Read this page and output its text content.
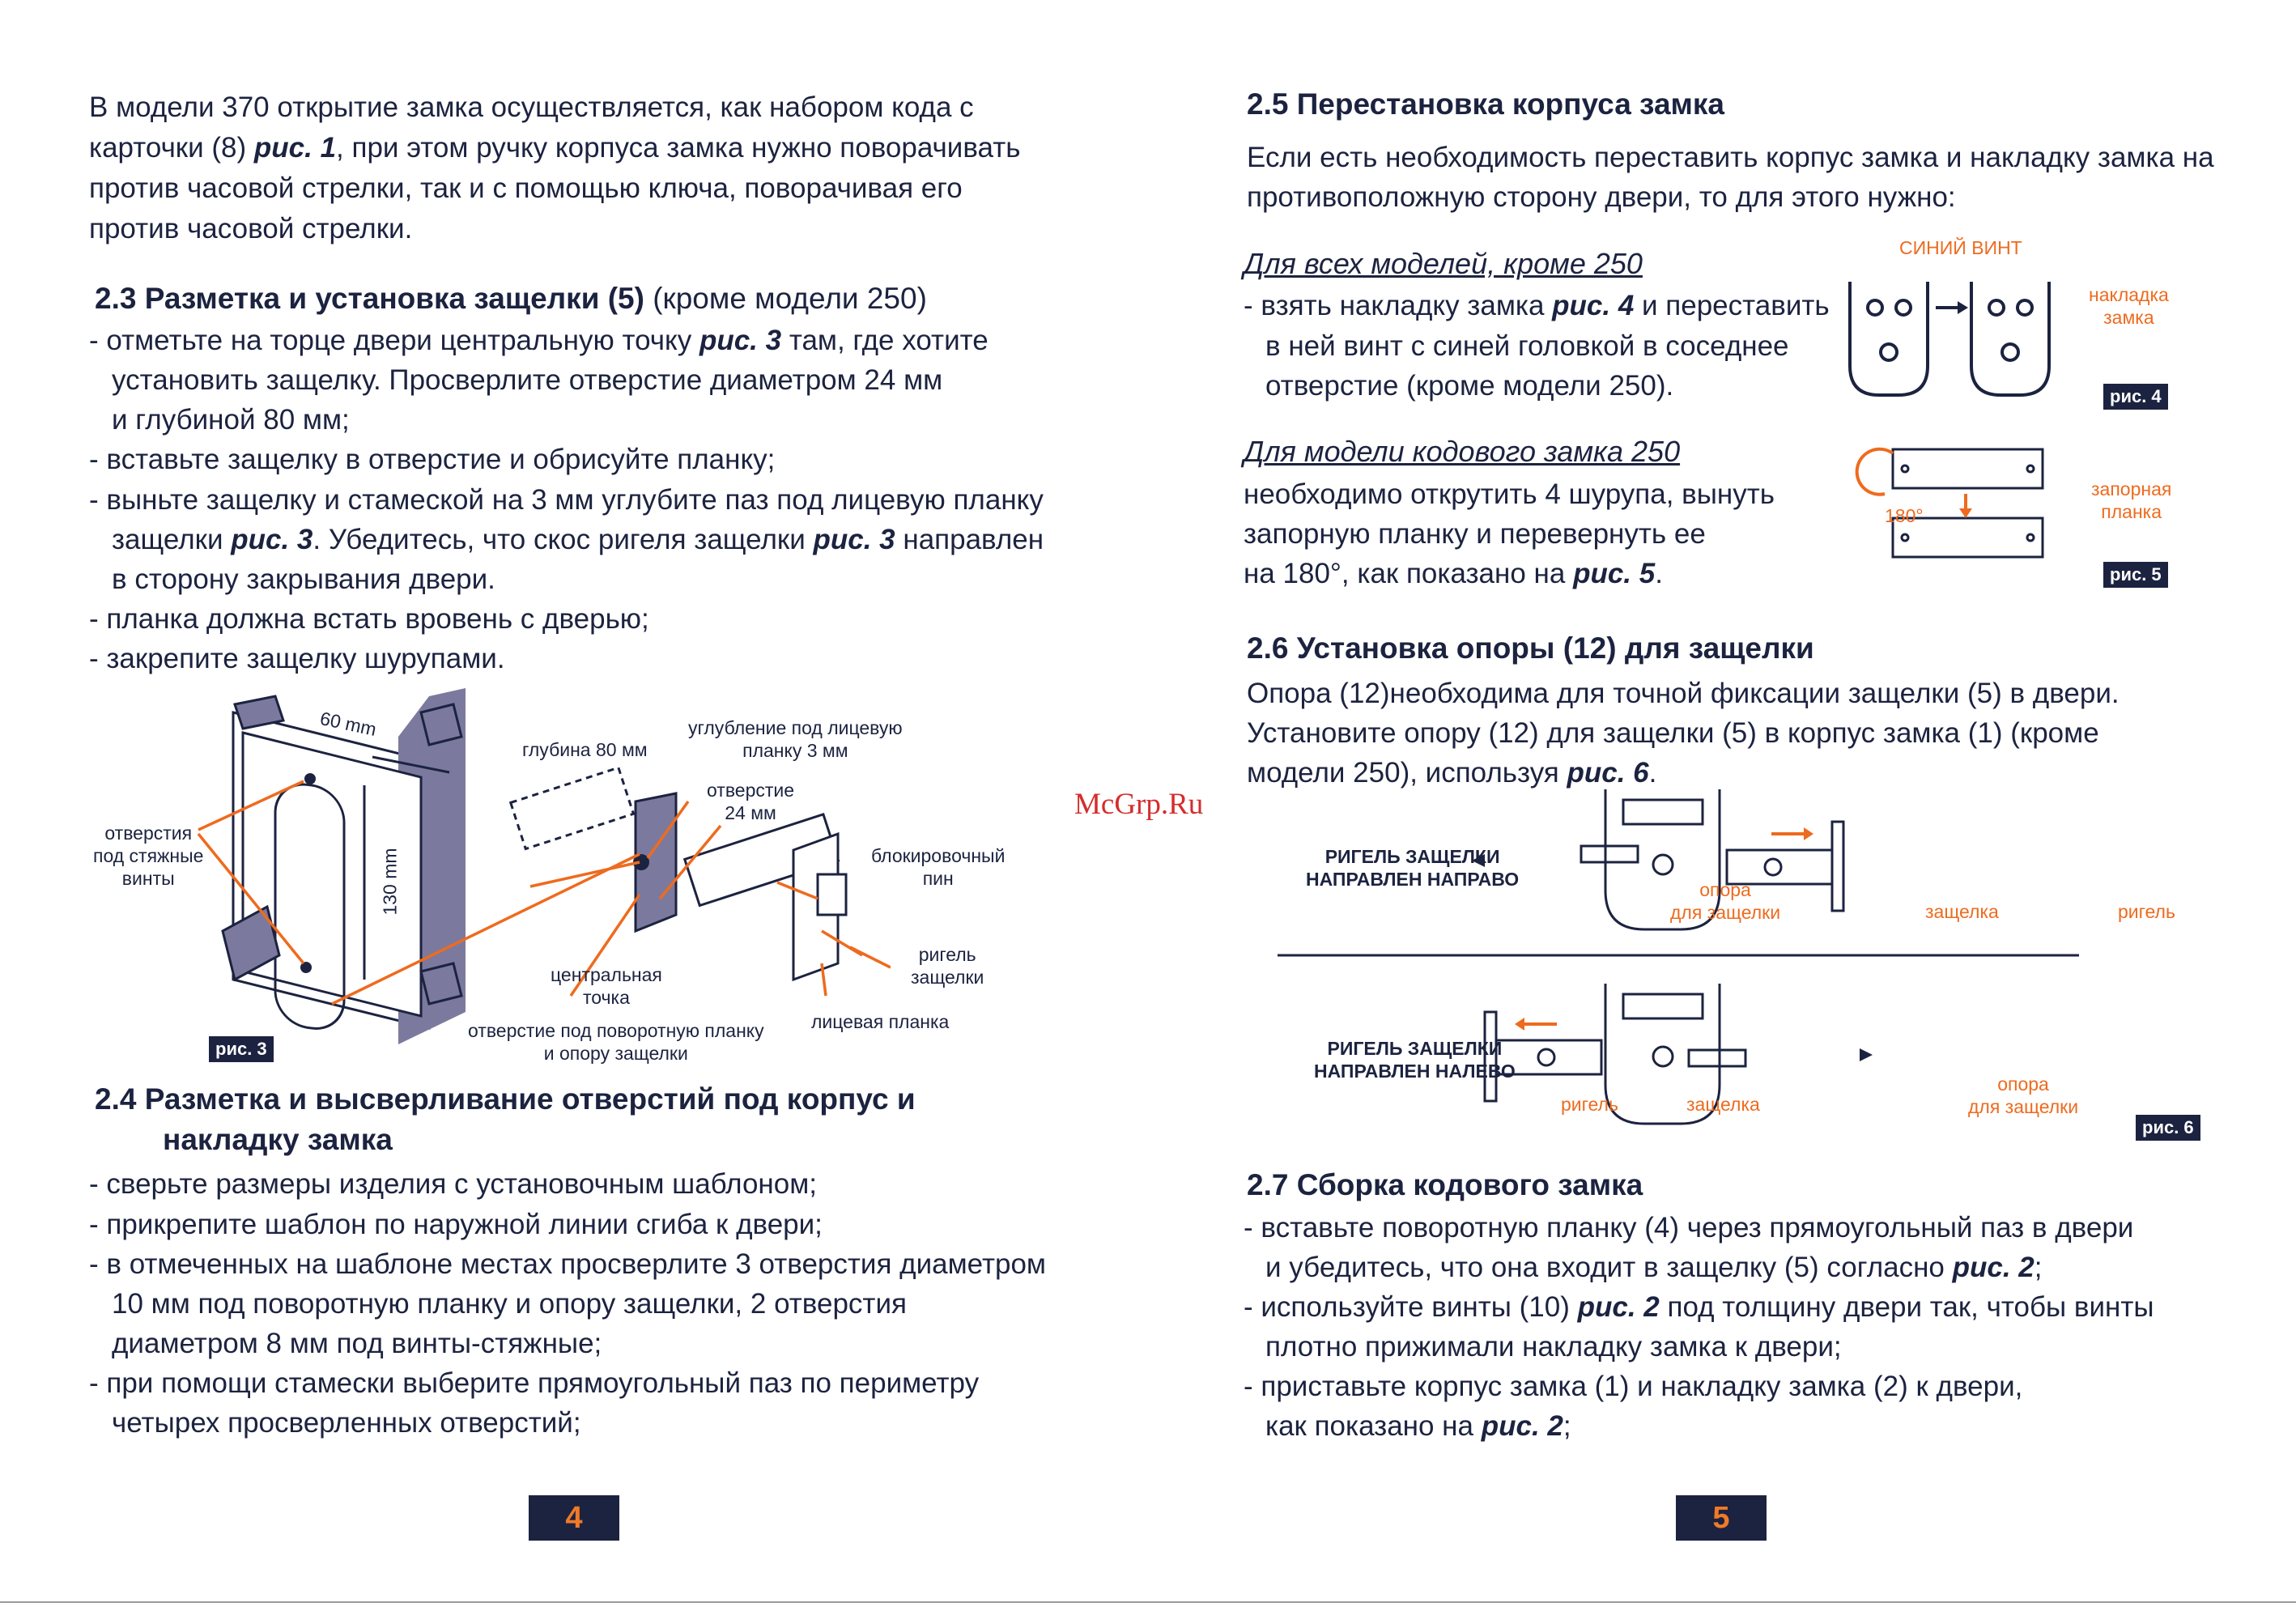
McGrp.Ru
В модели 370 открытие замка осуществляется, как набором кода с
карточки (8) рис. 1, при этом ручку корпуса замка нужно поворачивать
против часовой стрелки, так и с помощью ключа, поворачивая его
против часовой стрелки.
2.3 Разметка и установка защелки (5) (кроме модели 250)
- отметьте на торце двери центральную точку рис. 3 там, где хотите
установить защелку. Просверлите отверстие диаметром 24 мм
и глубиной 80 мм;
- вставьте защелку в отверстие и обрисуйте планку;
- выньте защелку и стамеской на 3 мм углубите паз под лицевую планку
защелки рис. 3. Убедитесь, что скос ригеля защелки рис. 3 направлен
в сторону закрывания двери.
- планка должна встать вровень с дверью;
- закрепите защелку шурупами.
60 mm
130 mm
отверстия
под стяжные
винты
глубина 80 мм
углубление под лицевую
планку 3 мм
отверстие
24 мм
блокировочный
пин
ригель
защелки
центральная
точка
лицевая планка
отверстие под поворотную планку
и опору защелки
рис. 3
2.4 Разметка и высверливание отверстий под корпус и
накладку замка
- сверьте размеры изделия с установочным шаблоном;
- прикрепите шаблон по наружной линии сгиба к двери;
- в отмеченных на шаблоне местах просверлите 3 отверстия диаметром
10 мм под поворотную планку и опору защелки, 2 отверстия
диаметром 8 мм под винты-стяжные;
- при помощи стамески выберите прямоугольный паз по периметру
четырех просверленных отверстий;
4
2.5 Перестановка корпуса замка
Если есть необходимость переставить корпус замка и накладку замка на
противоположную сторону двери, то для этого нужно:
Для всех моделей, кроме 250
- взять накладку замка рис. 4 и переставить
в ней винт с синей головкой в соседнее
отверстие (кроме модели 250).
Для модели кодового замка 250
необходимо открутить 4 шурупа, вынуть
запорную планку и перевернуть ее
на 180°, как показано на рис. 5.
СИНИЙ ВИНТ
накладка
замка
рис. 4
180°
запорная
планка
рис. 5
2.6 Установка опоры (12) для защелки
Опора (12)необходима для точной фиксации защелки (5) в двери.
Установите опору (12) для защелки (5) в корпус замка (1) (кроме
модели 250), используя рис. 6.
РИГЕЛЬ ЗАЩЕЛКИ
НАПРАВЛЕН НАПРАВО
РИГЕЛЬ ЗАЩЕЛКИ
НАПРАВЛЕН НАЛЕВО
опора
для защелки	защелка	ригель
ригель	защелка
опора
для защелки
рис. 6
2.7 Сборка кодового замка
- вставьте поворотную планку (4) через прямоугольный паз в двери
и убедитесь, что она входит в защелку (5) согласно рис. 2;
- используйте винты (10) рис. 2 под толщину двери так, чтобы винты
плотно прижимали накладку замка к двери;
- приставьте корпус замка (1) и накладку замка (2) к двери,
как показано на рис. 2;
5
